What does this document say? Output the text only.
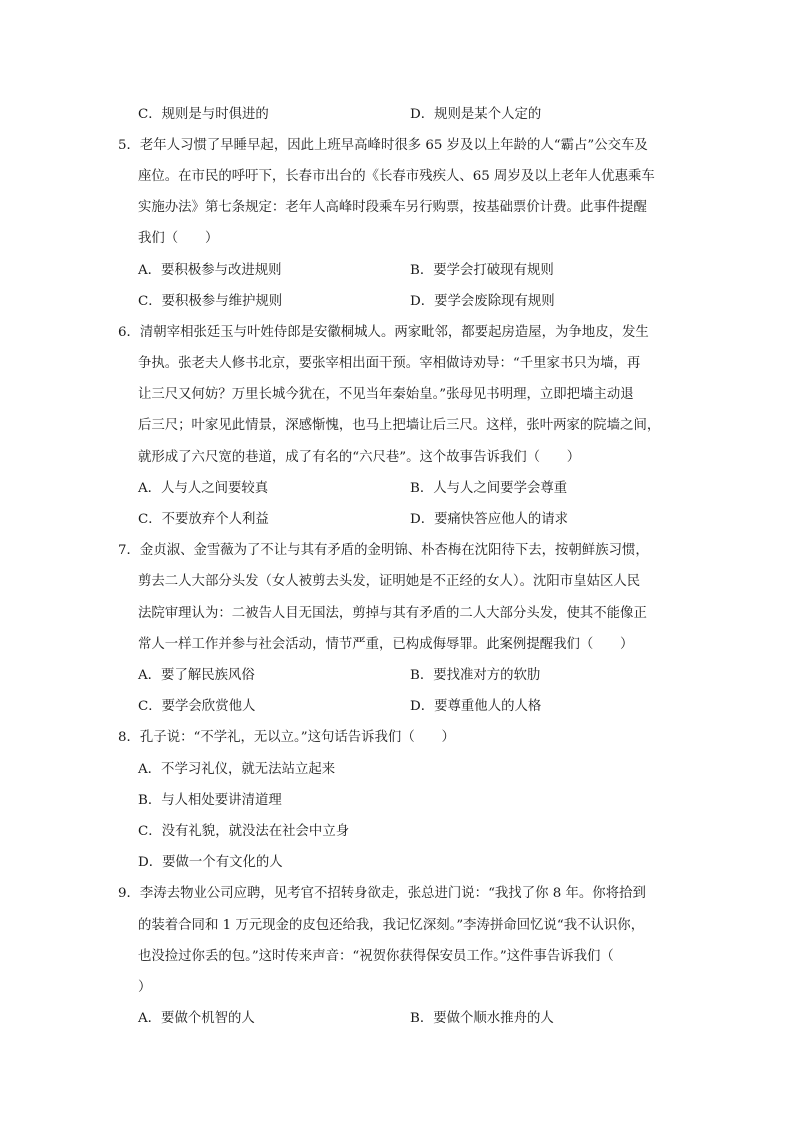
C．规则是与时俱进的	D．规则是某个人定的
5．老年人习惯了早睡早起，因此上班早高峰时很多 65 岁及以上年龄的人“霸占”公交车及
座位。在市民的呼吁下，长春市出台的《长春市残疾人、65 周岁及以上老年人优惠乘车
实施办法》第七条规定：老年人高峰时段乘车另行购票，按基础票价计费。此事件提醒
我们（　　）
A．要积极参与改进规则	B．要学会打破现有规则
C．要积极参与维护规则	D．要学会废除现有规则
6．清朝宰相张廷玉与叶姓侍郎是安徽桐城人。两家毗邻，都要起房造屋，为争地皮，发生
争执。张老夫人修书北京，要张宰相出面干预。宰相做诗劝导：“千里家书只为墙，再
让三尺又何妨？万里长城今犹在，不见当年秦始皇。”张母见书明理，立即把墙主动退
后三尺；叶家见此情景，深感惭愧，也马上把墙让后三尺。这样，张叶两家的院墙之间，
就形成了六尺宽的巷道，成了有名的“六尺巷”。这个故事告诉我们（　　）
A．人与人之间要较真	B．人与人之间要学会尊重
C．不要放弃个人利益	D．要痛快答应他人的请求
7．金贞淑、金雪薇为了不让与其有矛盾的金明锦、朴杏梅在沈阳待下去，按朝鲜族习惯，
剪去二人大部分头发（女人被剪去头发，证明她是不正经的女人）。沈阳市皇姑区人民
法院审理认为：二被告人目无国法，剪掉与其有矛盾的二人大部分头发，使其不能像正
常人一样工作并参与社会活动，情节严重，已构成侮辱罪。此案例提醒我们（　　）
A．要了解民族风俗	B．要找准对方的软肋
C．要学会欣赏他人	D．要尊重他人的人格
8．孔子说：“不学礼，无以立。”这句话告诉我们（　　）
A．不学习礼仪，就无法站立起来
B．与人相处要讲清道理
C．没有礼貌，就没法在社会中立身
D．要做一个有文化的人
9．李涛去物业公司应聘，见考官不招转身欲走，张总进门说：“我找了你 8 年。你将拾到
的装着合同和 1 万元现金的皮包还给我，我记忆深刻。”李涛拼命回忆说“我不认识你，
也没捡过你丢的包。”这时传来声音：“祝贺你获得保安员工作。”这件事告诉我们（
）
A．要做个机智的人	B．要做个顺水推舟的人
